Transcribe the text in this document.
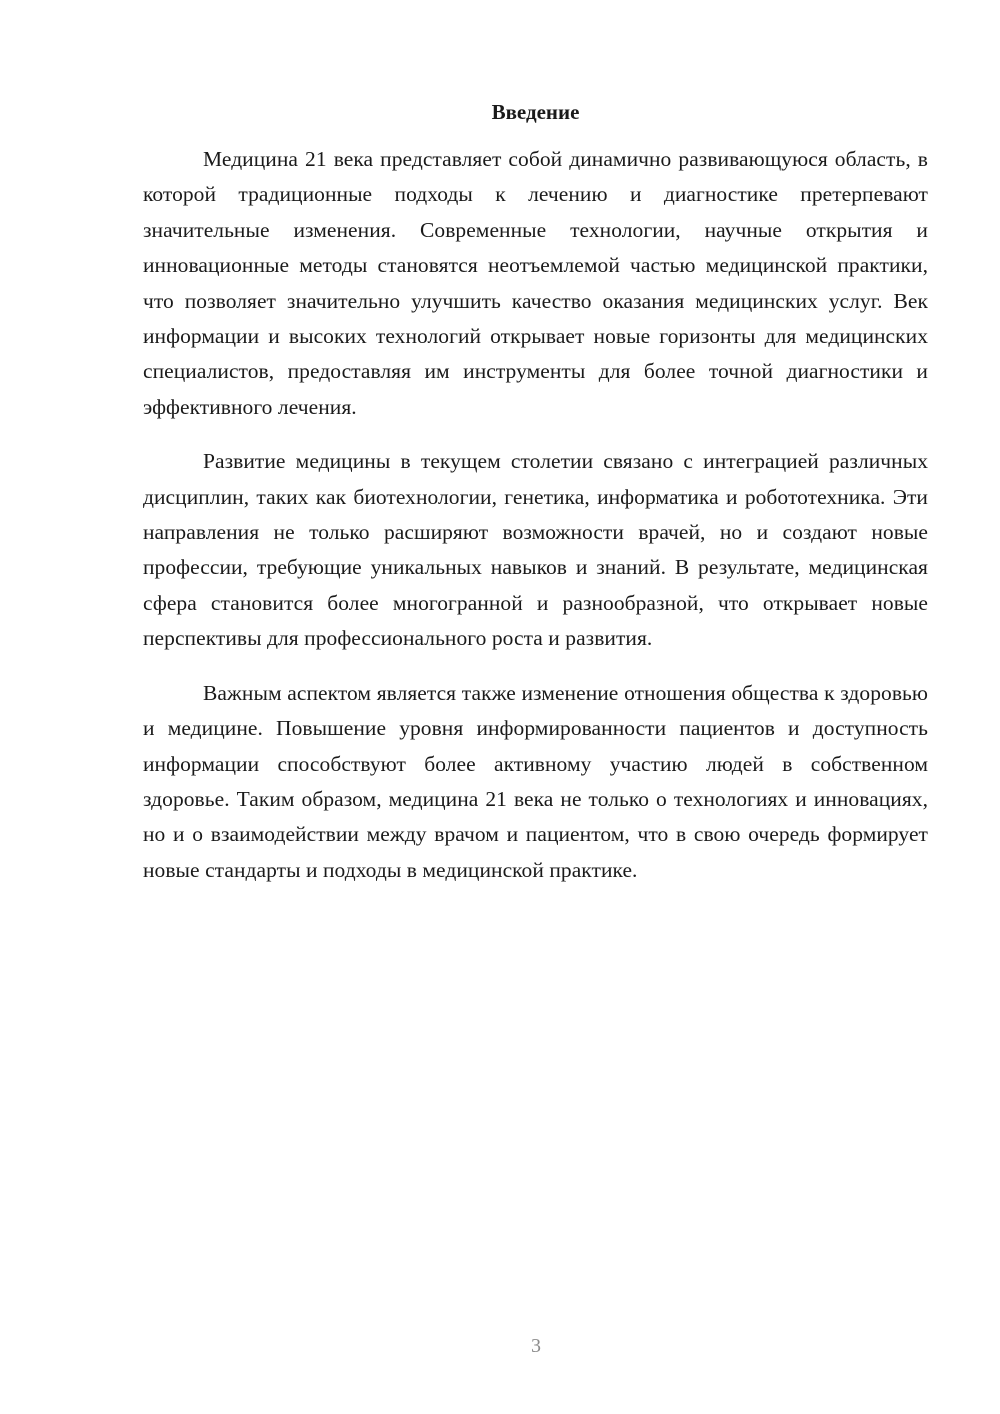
Введение

Медицина 21 века представляет собой динамично развивающуюся область, в которой традиционные подходы к лечению и диагностике претерпевают значительные изменения. Современные технологии, научные открытия и инновационные методы становятся неотъемлемой частью медицинской практики, что позволяет значительно улучшить качество оказания медицинских услуг. Век информации и высоких технологий открывает новые горизонты для медицинских специалистов, предоставляя им инструменты для более точной диагностики и эффективного лечения.

Развитие медицины в текущем столетии связано с интеграцией различных дисциплин, таких как биотехнологии, генетика, информатика и робототехника. Эти направления не только расширяют возможности врачей, но и создают новые профессии, требующие уникальных навыков и знаний. В результате, медицинская сфера становится более многогранной и разнообразной, что открывает новые перспективы для профессионального роста и развития.

Важным аспектом является также изменение отношения общества к здоровью и медицине. Повышение уровня информированности пациентов и доступность информации способствуют более активному участию людей в собственном здоровье. Таким образом, медицина 21 века не только о технологиях и инновациях, но и о взаимодействии между врачом и пациентом, что в свою очередь формирует новые стандарты и подходы в медицинской практике.

3
